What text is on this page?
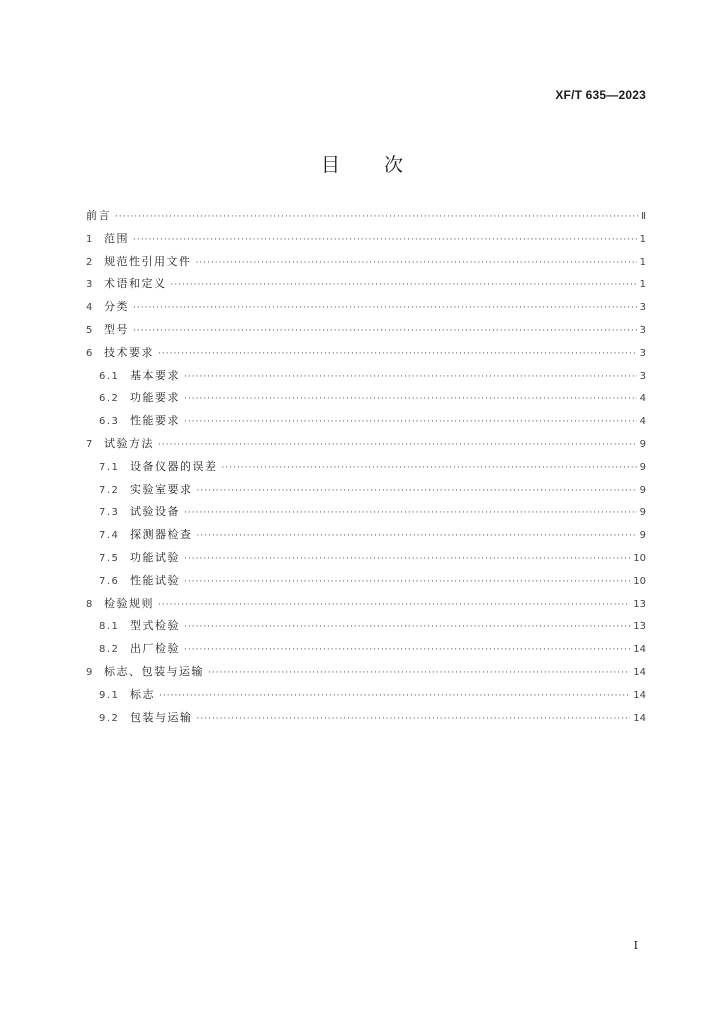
XF/T 635—2023
目 次
前言 ·····	Ⅱ
1	范围 ·····	1
2	规范性引用文件 ·····	1
3	术语和定义 ·····	1
4	分类 ·····	3
5	型号 ·····	3
6	技术要求 ·····	3
6.1 基本要求 ·····	3
6.2 功能要求 ·····	4
6.3 性能要求 ·····	4
7	试验方法 ·····	9
7.1 设备仪器的误差 ·····	9
7.2 实验室要求 ·····	9
7.3 试验设备 ·····	9
7.4 探测器检查 ·····	9
7.5 功能试验 ·····	10
7.6 性能试验 ·····	10
8	检验规则 ·····	13
8.1 型式检验 ·····	13
8.2 出厂检验 ·····	14
9	标志、包装与运输 ·····	14
9.1 标志 ·····	14
9.2 包装与运输 ·····	14
I
